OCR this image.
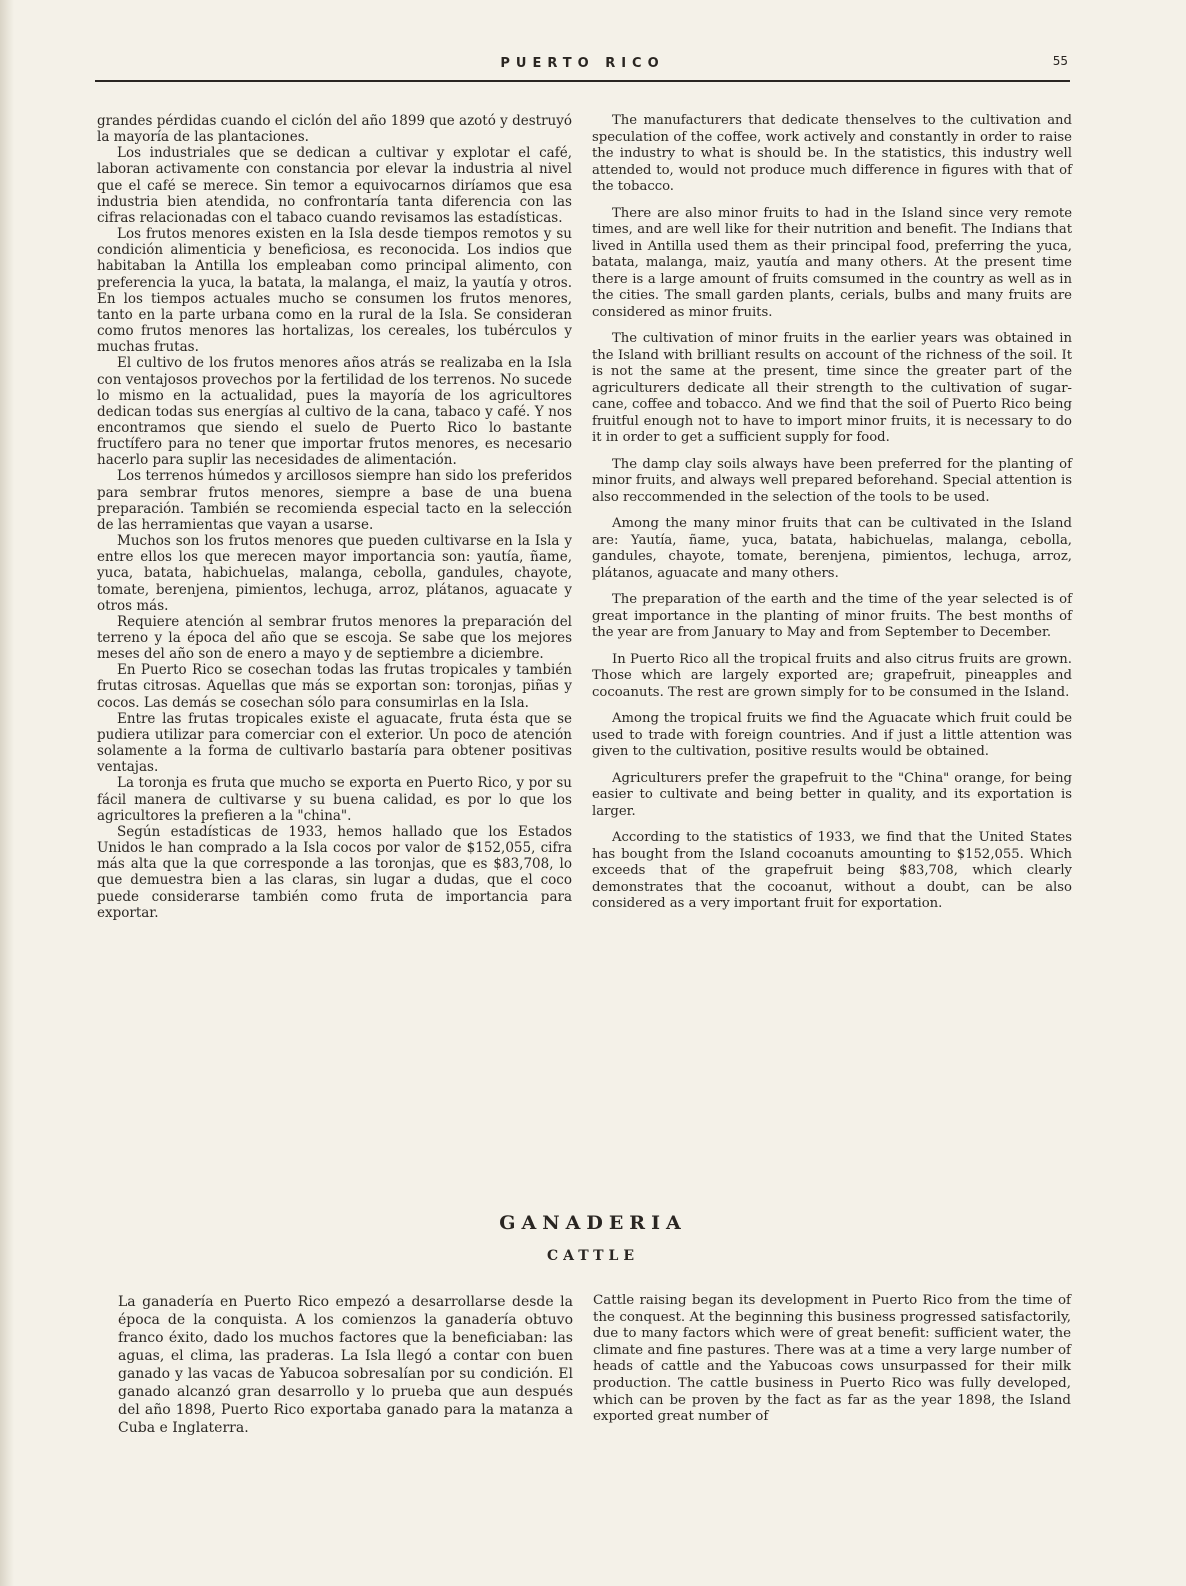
PUERTO RICO	55

grandes pérdidas cuando el ciclón del año 1899 que azotó y destruyó la mayoría de las plantaciones.

Los industriales que se dedican a cultivar y explotar el café, laboran activamente con constancia por elevar la industria al nivel que el café se merece. Sin temor a equivocarnos diríamos que esa industria bien atendida, no confrontaría tanta diferencia con las cifras relacionadas con el tabaco cuando revisamos las estadísticas.

Los frutos menores existen en la Isla desde tiempos remotos y su condición alimenticia y beneficiosa, es reconocida. Los indios que habitaban la Antilla los empleaban como principal alimento, con preferencia la yuca, la batata, la malanga, el maiz, la yautía y otros. En los tiempos actuales mucho se consumen los frutos menores, tanto en la parte urbana como en la rural de la Isla. Se consideran como frutos menores las hortalizas, los cereales, los tubérculos y muchas frutas.

El cultivo de los frutos menores años atrás se realizaba en la Isla con ventajosos provechos por la fertilidad de los terrenos. No sucede lo mismo en la actualidad, pues la mayoría de los agricultores dedican todas sus energías al cultivo de la cana, tabaco y café. Y nos encontramos que siendo el suelo de Puerto Rico lo bastante fructífero para no tener que importar frutos menores, es necesario hacerlo para suplir las necesidades de alimentación.

Los terrenos húmedos y arcillosos siempre han sido los preferidos para sembrar frutos menores, siempre a base de una buena preparación. También se recomienda especial tacto en la selección de las herramientas que vayan a usarse.

Muchos son los frutos menores que pueden cultivarse en la Isla y entre ellos los que merecen mayor importancia son: yautía, ñame, yuca, batata, habichuelas, malanga, cebolla, gandules, chayote, tomate, berenjena, pimientos, lechuga, arroz, plátanos, aguacate y otros más.

Requiere atención al sembrar frutos menores la preparación del terreno y la época del año que se escoja. Se sabe que los mejores meses del año son de enero a mayo y de septiembre a diciembre.

En Puerto Rico se cosechan todas las frutas tropicales y también frutas citrosas. Aquellas que más se exportan son: toronjas, piñas y cocos. Las demás se cosechan sólo para consumirlas en la Isla.

Entre las frutas tropicales existe el aguacate, fruta ésta que se pudiera utilizar para comerciar con el exterior. Un poco de atención solamente a la forma de cultivarlo bastaría para obtener positivas ventajas.

La toronja es fruta que mucho se exporta en Puerto Rico, y por su fácil manera de cultivarse y su buena calidad, es por lo que los agricultores la prefieren a la "china".

Según estadísticas de 1933, hemos hallado que los Estados Unidos le han comprado a la Isla cocos por valor de $152,055, cifra más alta que la que corresponde a las toronjas, que es $83,708, lo que demuestra bien a las claras, sin lugar a dudas, que el coco puede considerarse también como fruta de importancia para exportar.

The manufacturers that dedicate thenselves to the cultivation and speculation of the coffee, work actively and constantly in order to raise the industry to what is should be. In the statistics, this industry well attended to, would not produce much difference in figures with that of the tobacco.

There are also minor fruits to had in the Island since very remote times, and are well like for their nutrition and benefit. The Indians that lived in Antilla used them as their principal food, preferring the yuca, batata, malanga, maiz, yautía and many others. At the present time there is a large amount of fruits comsumed in the country as well as in the cities. The small garden plants, cerials, bulbs and many fruits are considered as minor fruits.

The cultivation of minor fruits in the earlier years was obtained in the Island with brilliant results on account of the richness of the soil. It is not the same at the present, time since the greater part of the agriculturers dedicate all their strength to the cultivation of sugar-cane, coffee and tobacco. And we find that the soil of Puerto Rico being fruitful enough not to have to import minor fruits, it is necessary to do it in order to get a sufficient supply for food.

The damp clay soils always have been preferred for the planting of minor fruits, and always well prepared beforehand. Special attention is also reccommended in the selection of the tools to be used.

Among the many minor fruits that can be cultivated in the Island are: Yautía, ñame, yuca, batata, habichuelas, malanga, cebolla, gandules, chayote, tomate, berenjena, pimientos, lechuga, arroz, plátanos, aguacate and many others.

The preparation of the earth and the time of the year selected is of great importance in the planting of minor fruits. The best months of the year are from January to May and from September to December.

In Puerto Rico all the tropical fruits and also citrus fruits are grown. Those which are largely exported are; grapefruit, pineapples and cocoanuts. The rest are grown simply for to be consumed in the Island.

Among the tropical fruits we find the Aguacate which fruit could be used to trade with foreign countries. And if just a little attention was given to the cultivation, positive results would be obtained.

Agriculturers prefer the grapefruit to the "China" orange, for being easier to cultivate and being better in quality, and its exportation is larger.

According to the statistics of 1933, we find that the United States has bought from the Island cocoanuts amounting to $152,055. Which exceeds that of the grapefruit being $83,708, which clearly demonstrates that the cocoanut, without a doubt, can be also considered as a very important fruit for exportation.

GANADERIA
CATTLE

La ganadería en Puerto Rico empezó a desarrollarse desde la época de la conquista. A los comienzos la ganadería obtuvo franco éxito, dado los muchos factores que la beneficiaban: las aguas, el clima, las praderas. La Isla llegó a contar con buen ganado y las vacas de Yabucoa sobresalían por su condición. El ganado alcanzó gran desarrollo y lo prueba que aun después del año 1898, Puerto Rico exportaba ganado para la matanza a Cuba e Inglaterra.

Cattle raising began its development in Puerto Rico from the time of the conquest. At the beginning this business progressed satisfactorily, due to many factors which were of great benefit: sufficient water, the climate and fine pastures. There was at a time a very large number of heads of cattle and the Yabucoas cows unsurpassed for their milk production. The cattle business in Puerto Rico was fully developed, which can be proven by the fact as far as the year 1898, the Island exported great number of
